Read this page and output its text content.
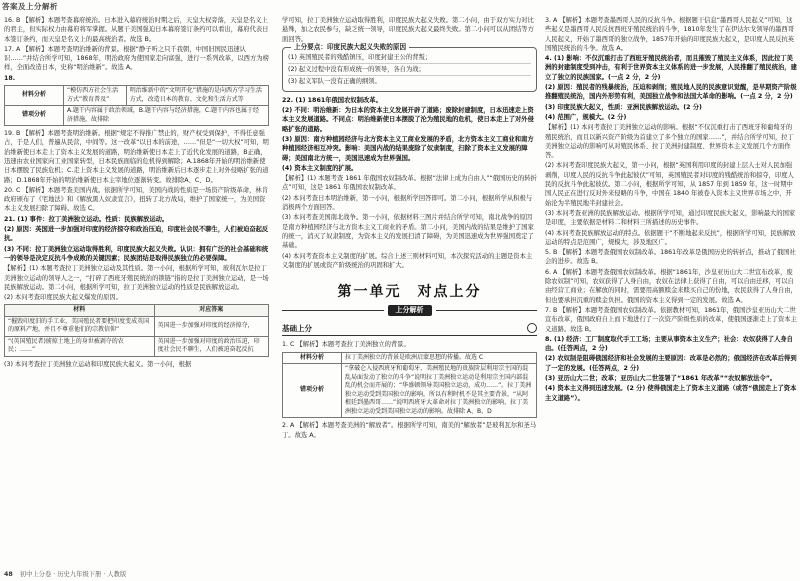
答案及上分解析

16. B 【解析】本题考查幕府统治。日本进入幕府统治时期之后，天皇大权旁落，天皇是名义上的君主，但实际权力由幕府将军掌握。从题干美国强迫日本幕府签订条约可以看出，幕府代表日本签订条约，而天皇是名义上的最高统治者。故选 B。

17. A 【解析】本题考查明治维新的背景。根据“静子听之只千我朝，中国旧国民迅速认识……”并结合所学可知，1868年，明治政府为使国家走向富强，进行一系列改革，以西方为榜样，全面改造日本，史称“明治维新”。故选 A。

18.
材料分析	“模仿西方社会生活方式”教育普及”	明治维新中的“文明开化”措施的是向西方学习生活方式，改造日本的教育、文化和生活方式等
错项分析	A.题干内容属于政治领域，B.题干内容与经济措施，C.题干内容也属于经济措施，故排除	

19. B 【解析】本题考查明治维新。根据“规定不得推广禁止的，财产权受到保护，不得任意强占，于是人们，普遍从民营，中间等。这一改革“以日本的前途，……”但是“一切大权”可知，明治维新使日本走上了资本主义发展的道路，明治维新使日本走上了近代化发展的道路，B正确，迅速由农业国家向工业国家转型，日本民族面临的危机得到解除；A.1868年开始的明治维新使日本摆脱了民族危机；C.走上资本主义发展的道路，明治维新后日本逐步走上对外侵略扩张的道路；D.1868年开始的明治维新使日本主宰地位逐渐转变。故排除A、C、D。

20. C 【解析】本题考查美国内战。依据所学可知，美国内战的性质是一场资产阶级革命，林肯政府颁布了《宅地法》和《解放黑人奴隶宣言》，扭转了北方战局，维护了国家统一，为美国资本主义发展扫除了障碍。故选 C。

21. (1) 事件：拉丁美洲独立运动。性质：民族解放运动。

(2) 原因：英国进一步加强对印度的经济掠夺和政治压迫，印度社会民不聊生，人们被迫奋起反抗。

(3) 不同：拉丁美洲独立运动取得胜利，印度民族大起义失败。认识：拥有广泛的社会基础和统一的领导是决定反抗斗争成败的关键因素；民族团结是取得民族独立的必要保障。

【解析】(1) 本题考查拉丁美洲独立运动及其性质。第一小问，根据所学可知，玻利瓦尔是拉丁美洲独立运动的领导人之一，“打碎了西班牙殖民统治的锁链”指的是拉丁美洲独立运动，是一场民族解放运动。第二小问，根据所学可知，拉丁美洲独立运动的性质是民族解放运动。

(2) 本问考查印度民族大起义爆发的原因。

材料	对应答案
“摧毁印度旧的手工业，美国殖民者要把印度变成英国的原料产地，并且不尊重他们的宗教信仰”	英国进一步加强对印度的经济掠夺，
“(英国殖民者)掳掠土地上的身世被剥夺的农民；……”	英国进一步加强对印度的政治压迫，印度社会民不聊生，人们被迫奋起反抗

(3) 本问考查拉丁美洲独立运动和印度民族大起义。第一小问，根据

学可知，拉丁美洲独立运动取得胜利，印度民族大起义失败。第二小问，由于双方实力对比悬殊，加之农民参与，缺乏统一领导，印度民族大起义最终失败。第二小问可以从团结等方面回答。

上分要点：印度民族大起义失败的原因
(1) 英国殖民者的残酷镇压，印度封建王公的背叛；
(2) 起义过程中没有形成统一的领导，各自为战；
(3) 起义军队一没有正确的纲领。

22. (1) 1861年俄国农奴制改革。

(2) 不同：明治维新：为日本的资本主义发展开辟了道路；废除封建制度，日本迅速走上资本主义发展道路。不同点：明治维新使日本摆脱了沦为殖民地的危机，使日本走上了对外侵略扩张的道路。

(3) 原因：南方种植园经济与北方资本主义工商业发展的矛盾，北方资本主义工商业和南方种植园经济相互冲突。影响：美国内战的结果废除了奴隶制度，扫除了资本主义发展的障碍；美国南北方统一，美国迅速成为世界强国。

(4) 资本主义制度的扩展。

【解析】(1) 本题考查 1861 年俄国农奴制改革。根据“法律上成为自由人”“俄国历史的转折点”可知，这是 1861 年俄国农奴制改革。

(2) 本问考查日本明治维新，第一小问，根据所学回答即可。第二小问，根据所学从积极与消极两个方面回答。

(3) 本问考查美国南北战争。第一小问，依据材料三图片并结合所学可知，南北战争的原因是南方种植园经济与北方资本主义工商业的矛盾。第二小问，美国内战的结果是维护了国家的统一，消灭了奴隶制度，为资本主义的发展扫清了障碍，为美国迅速成为世界强国奠定了基础。

(4) 本问考查资本主义制度的扩展。综合上述三则材料可知，本次探究活动的主题是资本主义制度的扩展或资产阶级统治的巩固和扩大。

第一单元　对点上分
上分解析
基础上分

1. C 【解析】本题考查拉丁美洲独立的背景。

材料分析	拉丁美洲独立的背景是欧洲启蒙思想的传播。故选 C
错项分析	“拿破仑入侵西班牙和葡萄牙，美洲殖民地的贵族阶层利用宗主国的混乱局面发动了独立的斗争”说明拉丁美洲独立运动是利用宗主国内部混乱的机会而开展的；“华盛顿领导美国独立运动，成功……”。拉丁美洲独立运动受到美国独立的影响，所以有利时机不是其主要背景，“从阿根廷到墨西哥……”说明西班牙大革命对拉丁美洲独立的影响，拉丁美洲独立运动受到美国独立运动的影响。故排除 A、B、D

2. A 【解析】本题考查美洲的“解放者”。根据所学可知，南美的“解放者”是玻利瓦尔和圣马丁。故选 A。

3. A 【解析】本题考查墨西哥人民的反抗斗争。根据题干信息“墨西哥人民起义”可知，这些起义是墨西哥人民反抗西班牙殖民统治的斗争，1810年发生了在伊达尔戈领导的墨西哥人民起义，开始了墨西哥的独立战争，1857年开始的印度民族大起义，是印度人民反抗英国殖民统治的斗争。故选 A。

4. (1) 影响：不仅沉重打击了西班牙殖民统治者，而且摧毁了殖民主义体系，因此拉丁美洲的封建制度受到冲击，有利于世界资本主义体系的进一步发展，人民推翻了殖民统治，建立了独立的民族国家。(一点 2 分，2 分)

(2) 原因：殖民者的残暴统治，压迫和剥削；殖民地人民的民族意识觉醒，是早期资产阶级推翻殖民统治，国内外形势有利，美国独立战争和法国大革命的影响。(一点 2 分，2 分)

(3) 印度民族大起义，性质：亚洲民族解放运动。(2 分)

(4) 范围广，规模大。(2 分)

【解析】(1) 本问考查拉丁美洲独立运动的影响。根据“不仅沉重打击了西班牙和葡萄牙的殖民统治，而且以新兴资产阶级为首建立了多个独立的国家……”，并结合所学可知，拉丁美洲独立运动的影响可从对殖民体系、拉丁美洲封建制度、世界资本主义发展几个方面作答。

(2) 本问考查印度民族大起义，第一小问，根据“英国利用印度的封建上层人士对人民加强剥削，印度人民的反抗斗争此起彼伏”可知，英国殖民者对印度的残酷统治和掠夺，印度人民的反抗斗争此起彼伏。第二小问，根据所学可知，从 1857 年到 1859 年，这一时期中国人民正在进行反对外来侵略的斗争，中国在 1840 年被卷入资本主义世界市场之中，开始沦为半殖民地半封建社会。

(3) 本问考查亚洲的民族解放运动。根据所学可知，通过印度民族大起义，影响最大的国家是印度，主要依据是材料二和材料三所描述的历史事件。

(4) 本问考查民族解放运动的特点。依据题干“不断地起来反抗”，根据所学可知，民族解放运动的特点是范围广，规模大，涉及地区广。

5. B 【解析】本题考查俄国农奴制改革。1861年改革是俄国历史的转折点，推动了俄国社会的进步。故选 B。

6. A 【解析】本题考查俄国农奴制改革。根据“1861年，沙皇亚历山大二世宣布改革，废除农奴制”可知，农奴获得了人身自由，农奴在法律上获得了自由，可以自由迁移，可以自由经营工商业；在解放的同时，需要用高额赎金来赎买自己的份地，农民获得了人身自由，但也要承担沉重的赎金负担。俄国的资本主义得到一定的发展。故选 A。

7. B 【解析】本题考查俄国农奴制改革。依据教材可知，1861年，俄国沙皇亚历山大二世宣布改革，俄国政府自上而下地进行了一次资产阶级性质的改革，使俄国逐渐走上了资本主义道路。故选 B。

8. (1) 经济：工厂制度取代手工工场；主要从事资本主义生产；社会：农奴获得了人身自由。(任答两点，2 分)

(2) 农奴制是阻碍俄国经济和社会发展的主要原因：改革是必然的；俄国经济在改革后得到了一定的发展。(任答两点，2 分)

(3) 亚历山大二世；改革；亚历山大二世签署了“1861 年改革”“农奴解放法令”。

(4) 资本主义得到迅速发展。(2 分) 使得俄国走上了资本主义道路（或答“俄国走上了资本主义道路”）。

48 初中上分卷 · 历史九年级下册 · 人教版
